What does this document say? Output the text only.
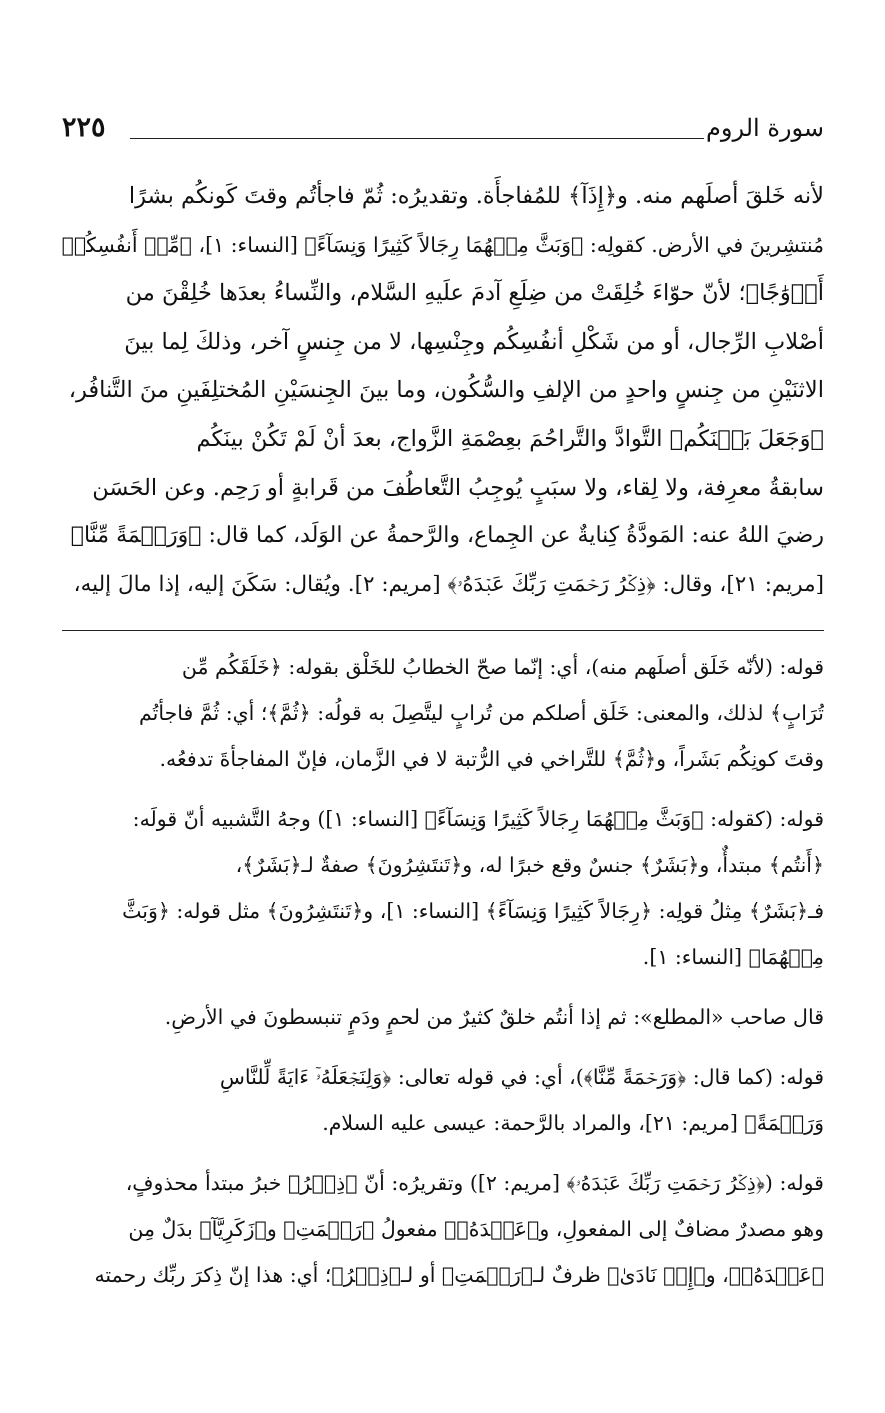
٢٢٥	سورة الروم
لأنه خَلقَ أصلَهم منه. و﴿إِذَآ﴾ للمُفاجأَة. وتقديرُه: ثُمّ فاجأتُم وقتَ كَونكُم بشرًا
مُنتشِرينَ في الأرض. كقولِه: ﴿وَبَثَّ مِنۡهُمَا رِجَالاً كَثِيرًا وَنِسَآءً﴾ [النساء: ١]، ﴿مِّنۡ أَنفُسِكُمۡ
أَزۡوَٰجًا﴾؛ لأنّ حوّاءَ خُلِقَتْ من ضِلَعِ آدمَ علَيهِ السَّلام، والنِّساءُ بعدَها خُلِقْنَ من
أصْلابِ الرِّجال، أو من شَكْلِ أنفُسِكُم وجِنْسِها، لا من جِنسٍ آخر، وذلكَ لِما بينَ
الاثنَيْنِ من جِنسٍ واحدٍ من الإلفِ والسُّكُون، وما بينَ الجِنسَيْنِ المُختلِفَينِ منَ التَّنافُر،
﴿وَجَعَلَ بَيۡنَكُم﴾ التَّوادَّ والتَّراحُمَ بعِصْمَةِ الزَّواج، بعدَ أنْ لَمْ تَكُنْ بينَكُم
سابقةُ معرِفة، ولا لِقاء، ولا سبَبٍ يُوجِبُ التَّعاطُفَ من قَرابةٍ أو رَحِم. وعن الحَسَن
رضيَ اللهُ عنه: المَودَّةُ كِنايةٌ عن الجِماع، والرَّحمةُ عن الوَلَد، كما قال: ﴿وَرَحۡمَةً مِّنَّا﴾
[مريم: ٢١]، وقال: ﴿ذِكۡرُ رَحۡمَتِ رَبِّكَ عَبۡدَهُۥ﴾ [مريم: ٢]. ويُقال: سَكَنَ إليه، إذا مالَ إليه،
قوله: (لأنّه خَلَق أصلَهم منه)، أي: إنّما صحّ الخطابُ للخَلْق بقوله: ﴿خَلَقَكُم مِّن
تُرَابٍ﴾ لذلك، والمعنى: خَلَق أصلكم من تُرابٍ ليتَّصِلَ به قولُه: ﴿ثُمَّ﴾؛ أي: ثُمَّ فاجأتُم
وقتَ كونِكُم بَشَراً، و﴿ثُمَّ﴾ للتَّراخي في الرُّتبة لا في الزَّمان، فإنّ المفاجأةَ تدفعُه.
قوله: (كقوله: ﴿وَبَثَّ مِنۡهُمَا رِجَالاً كَثِيرًا وَنِسَآءً﴾ [النساء: ١]) وجهُ التَّشبيه أنّ قولَه:
﴿أَنتُم﴾ مبتدأٌ، و﴿بَشَرٌ﴾ جنسٌ وقع خبرًا له، و﴿تَنتَشِرُونَ﴾ صفةٌ لـ﴿بَشَرٌ﴾،
فـ﴿بَشَرٌ﴾ مِثلُ قولِه: ﴿رِجَالاً كَثِيرًا وَنِسَآءً﴾ [النساء: ١]، و﴿تَنتَشِرُونَ﴾ مثل قوله: ﴿وَبَثَّ
مِنۡهُمَا﴾ [النساء: ١].
قال صاحب «المطلع»: ثم إذا أنتُم خلقٌ كثيرٌ من لحمٍ ودَمٍ تنبسطونَ في الأرضِ.
قوله: (كما قال: ﴿وَرَحۡمَةً مِّنَّا﴾)، أي: في قوله تعالى: ﴿وَلِنَجۡعَلَهُۥٓ ءَايَةً لِّلنَّاسِ
وَرَحۡمَةً﴾ [مريم: ٢١]، والمراد بالرَّحمة: عيسى عليه السلام.
قوله: (﴿ذِكۡرُ رَحۡمَتِ رَبِّكَ عَبۡدَهُۥ﴾ [مريم: ٢]) وتقريرُه: أنّ ﴿ذِكۡرُ﴾ خبرُ مبتدأ محذوفٍ،
وهو مصدرٌ مضافٌ إلى المفعولِ، و﴿عَبۡدَهُۥ﴾ مفعولُ ﴿رَحۡمَتِ﴾ و﴿زَكَرِيَّآ﴾ بدَلٌ مِن
﴿عَبۡدَهُۥ﴾، و﴿إِذۡ نَادَىٰ﴾ ظرفٌ لـ﴿رَحۡمَتِ﴾ أو لـ﴿ذِكۡرُ﴾؛ أي: هذا إنّ ذِكرَ ربِّك رحمته
